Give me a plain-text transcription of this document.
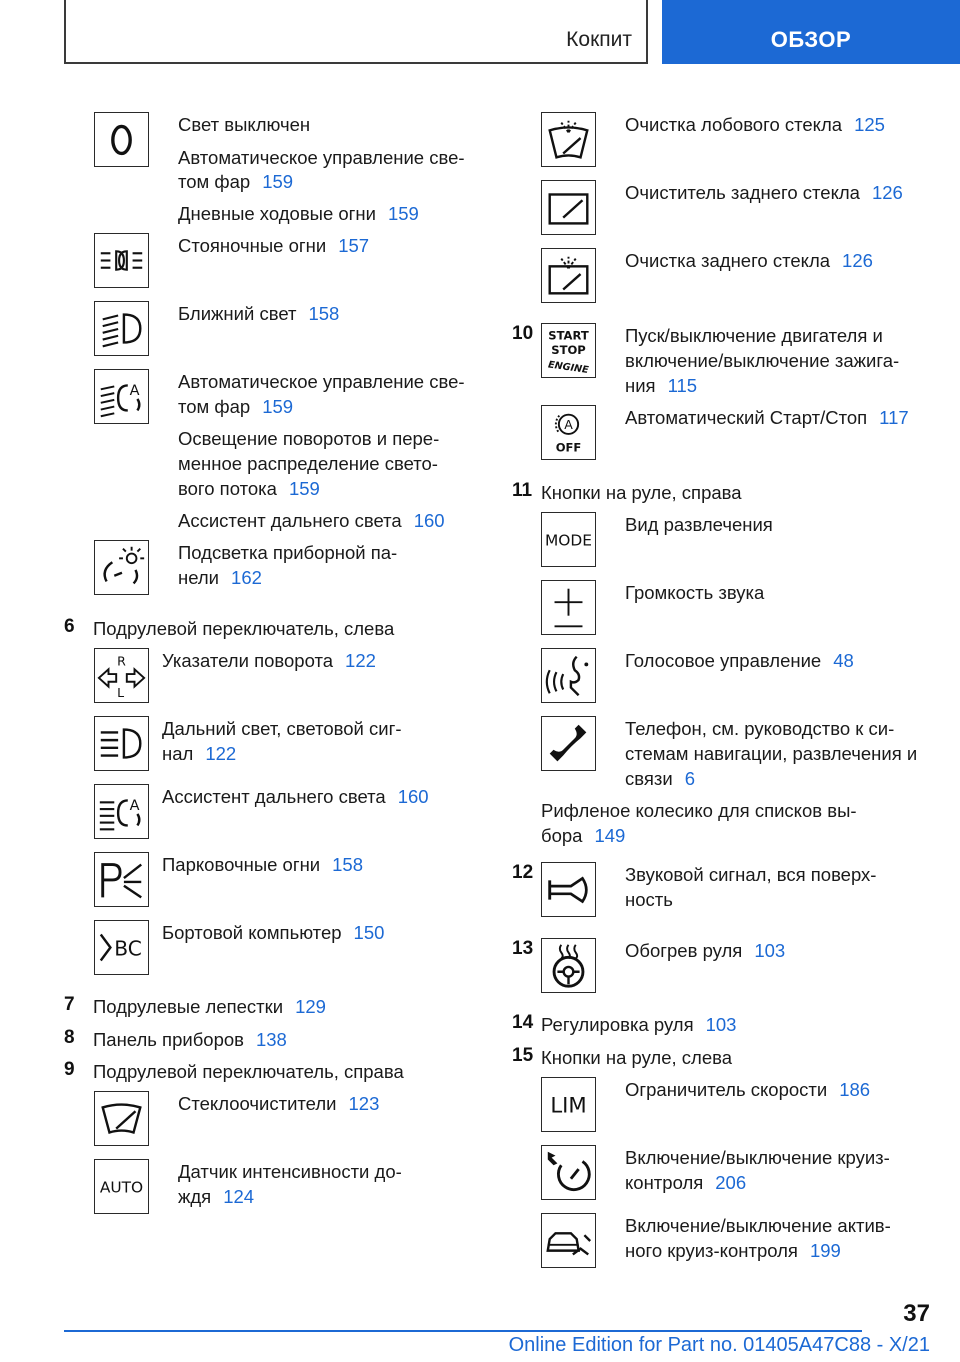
Кокпит	ОБЗОР
Свет выключен
Автоматическое управление све-
том фар 159
Дневные ходовые огни 159
Стояночные огни 157
Ближний свет 158
A Автоматическое управление све-
том фар 159
Освещение поворотов и пере-
менное распределение свето-
вого потока 159
Ассистент дальнего света 160
Подсветка приборной па-
нели 162
6 Подрулевой переключатель, слева
R
L
Указатели поворота 122
Дальний свет, световой сиг-
нал 122
A Ассистент дальнего света 160
Парковочные огни 158
BC
Бортовой компьютер 150
7 Подрулевые лепестки 129
8 Панель приборов 138
9 Подрулевой переключатель, справа
Стеклоочистители 123
AUTO
Датчик интенсивности до-
ждя 124
Очистка лобового стекла 125
Очиститель заднего стекла 126
Очистка заднего стекла 126
10 START
STOP
ENGINE
Пуск/выключение двигателя и
включение/выключение зажига-
ния 115
A
OFF
Автоматический Старт/Стоп 117
11 Кнопки на руле, справа
MODE
Вид развлечения
Громкость звука
Голосовое управление 48
Телефон, см. руководство к си-
стемам навигации, развлечения и
связи 6
Рифленое колесико для списков вы-
бора 149
12	Звуковой сигнал, вся поверх-
ность
13	Обогрев руля 103
14 Регулировка руля 103
15 Кнопки на руле, слева
LIM
Ограничитель скорости 186
Включение/выключение круиз-
контроля 206
Включение/выключение актив-
ного круиз-контроля 199
37
Online Edition for Part no. 01405A47C88 - X/21
